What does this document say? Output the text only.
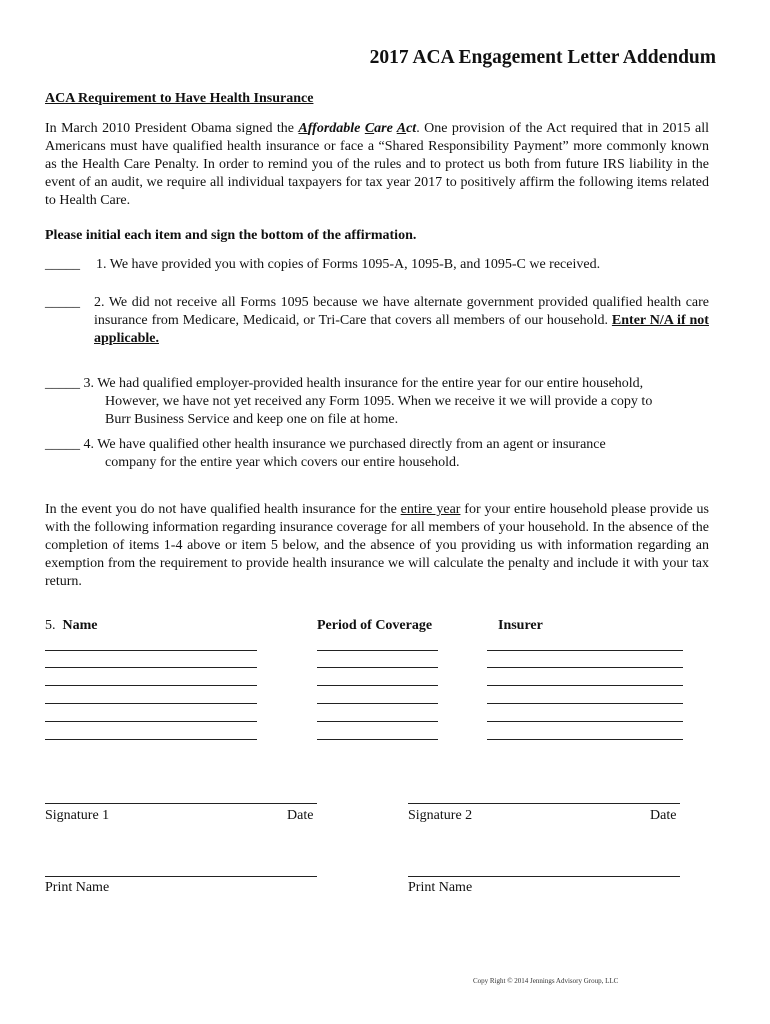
2017 ACA Engagement Letter Addendum
ACA Requirement to Have Health Insurance
In March 2010 President Obama signed the Affordable Care Act. One provision of the Act required that in 2015 all Americans must have qualified health insurance or face a “Shared Responsibility Payment” more commonly known as the Health Care Penalty. In order to remind you of the rules and to protect us both from future IRS liability in the event of an audit, we require all individual taxpayers for tax year 2017 to positively affirm the following items related to Health Care.
Please initial each item and sign the bottom of the affirmation.
_____ 1. We have provided you with copies of Forms 1095-A, 1095-B, and 1095-C we received.
_____ 2. We did not receive all Forms 1095 because we have alternate government provided qualified health care insurance from Medicare, Medicaid, or Tri-Care that covers all members of our household. Enter N/A if not applicable.
_____ 3. We had qualified employer-provided health insurance for the entire year for our entire household,
However, we have not yet received any Form 1095. When we receive it we will provide a copy to
Burr Business Service and keep one on file at home.
_____ 4. We have qualified other health insurance we purchased directly from an agent or insurance
company for the entire year which covers our entire household.
In the event you do not have qualified health insurance for the entire year for your entire household please provide us with the following information regarding insurance coverage for all members of your household. In the absence of the completion of items 1-4 above or item 5 below, and the absence of you providing us with information regarding an exemption from the requirement to provide health insurance we will calculate the penalty and include it with your tax return.
5. Name	Period of Coverage	Insurer
Signature 1	Date	Signature 2	Date
Print Name	Print Name
Copy Right © 2014 Jennings Advisory Group, LLC
